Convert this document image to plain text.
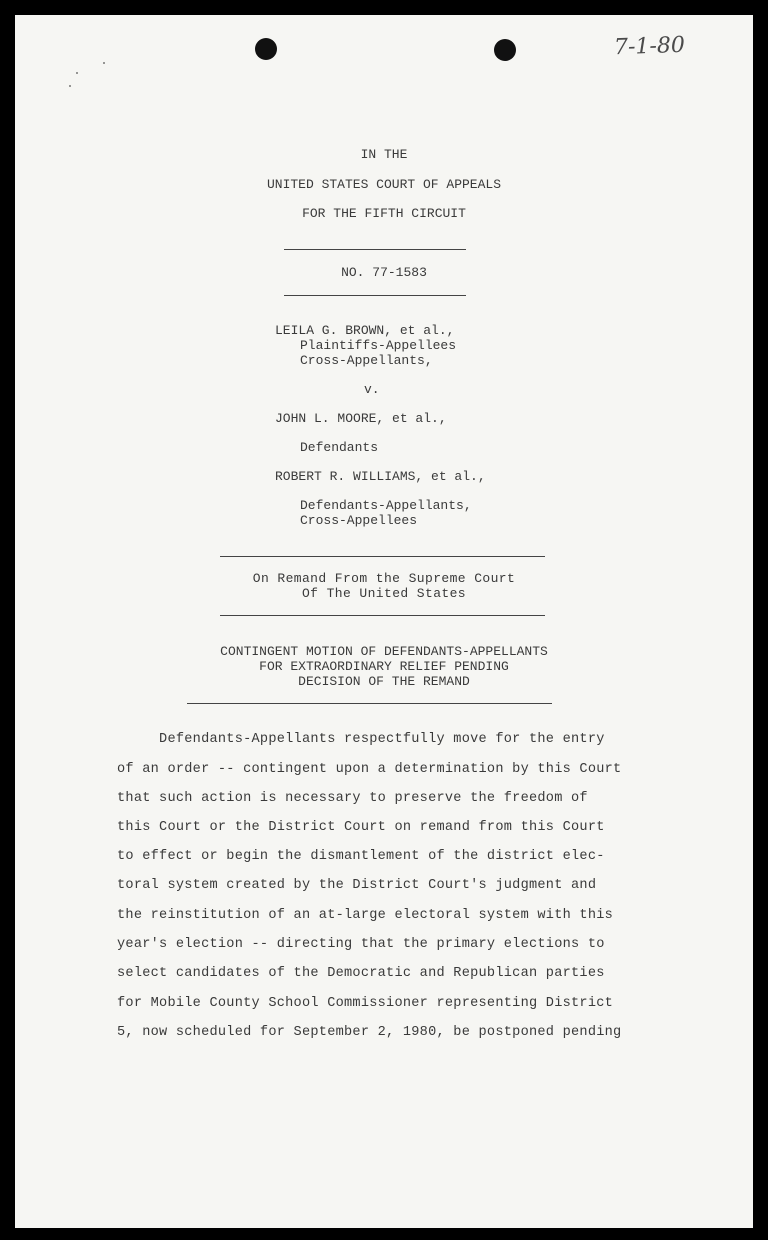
7-1-80
IN THE
UNITED STATES COURT OF APPEALS
FOR THE FIFTH CIRCUIT
NO. 77-1583
LEILA G. BROWN, et al.,
Plaintiffs-Appellees
Cross-Appellants,
v.
JOHN L. MOORE, et al.,
Defendants
ROBERT R. WILLIAMS, et al.,
Defendants-Appellants,
Cross-Appellees
On Remand From the Supreme Court
Of The United States
CONTINGENT MOTION OF DEFENDANTS-APPELLANTS
FOR EXTRAORDINARY RELIEF PENDING
DECISION OF THE REMAND
Defendants-Appellants respectfully move for the entry
of an order -- contingent upon a determination by this Court
that such action is necessary to preserve the freedom of
this Court or the District Court on remand from this Court
to effect or begin the dismantlement of the district elec-
toral system created by the District Court's judgment and
the reinstitution of an at-large electoral system with this
year's election -- directing that the primary elections to
select candidates of the Democratic and Republican parties
for Mobile County School Commissioner representing District
5, now scheduled for September 2, 1980, be postponed pending
